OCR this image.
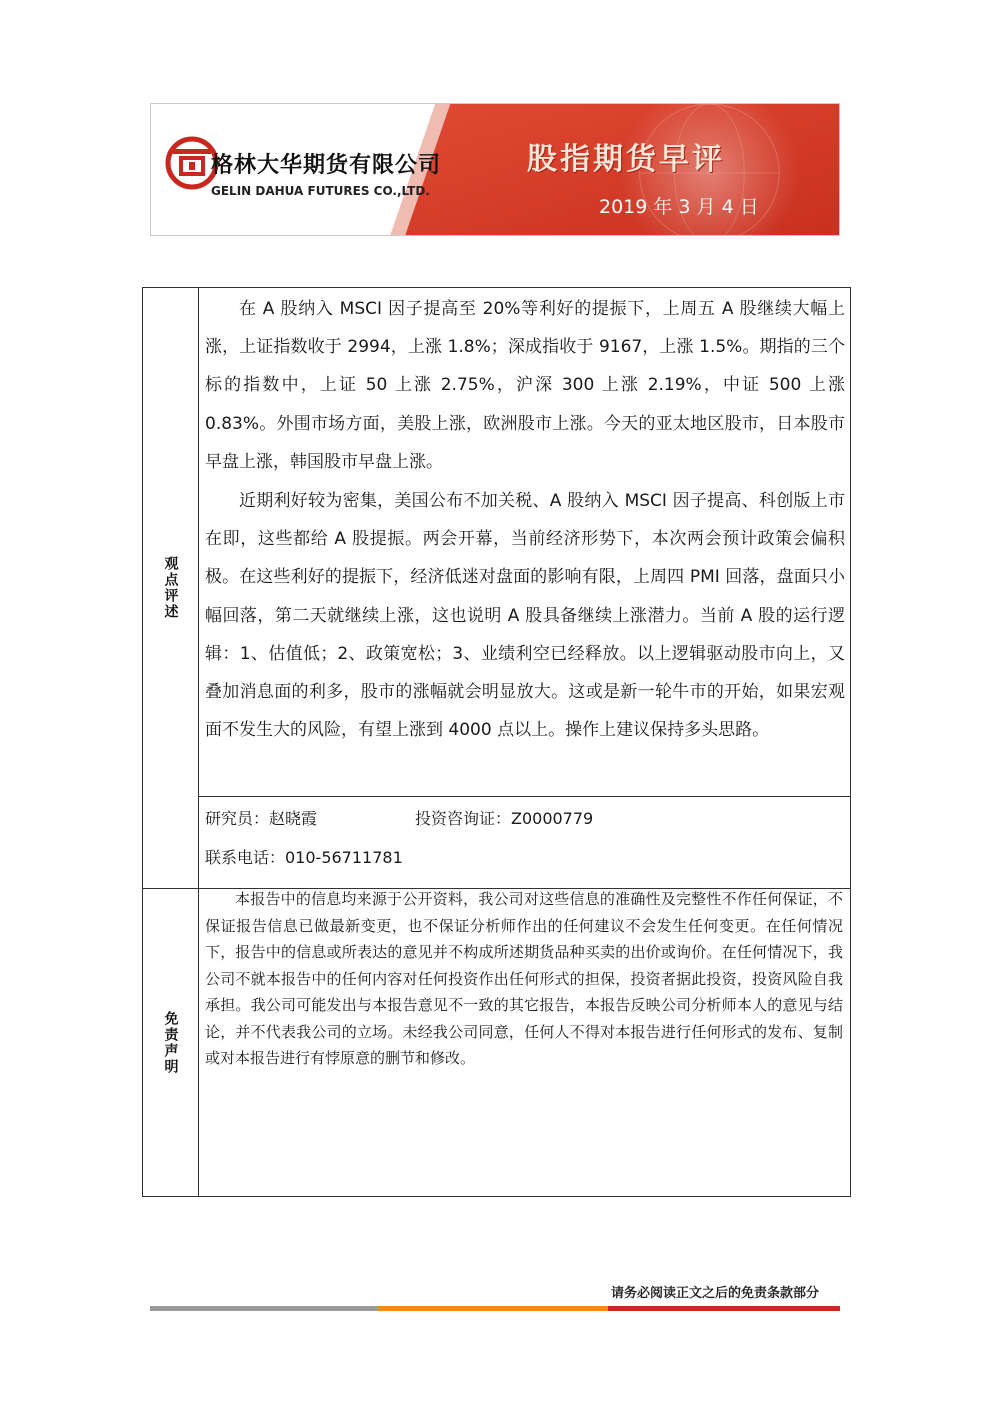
格林大华期货有限公司
GELIN DAHUA FUTURES CO.,LTD.
股指期货早评
2019 年 3 月 4 日
观点评述
免责声明

在 A 股纳入 MSCI 因子提高至 20%等利好的提振下，上周五 A 股继续大幅上涨，上证指数收于 2994，上涨 1.8%；深成指收于 9167，上涨 1.5%。期指的三个标的指数中，上证 50 上涨 2.75%，沪深 300 上涨 2.19%，中证 500 上涨 0.83%。外围市场方面，美股上涨，欧洲股市上涨。今天的亚太地区股市，日本股市早盘上涨，韩国股市早盘上涨。

近期利好较为密集，美国公布不加关税、A 股纳入 MSCI 因子提高、科创版上市在即，这些都给 A 股提振。两会开幕，当前经济形势下，本次两会预计政策会偏积极。在这些利好的提振下，经济低迷对盘面的影响有限，上周四 PMI 回落，盘面只小幅回落，第二天就继续上涨，这也说明 A 股具备继续上涨潜力。当前 A 股的运行逻辑：1、估值低；2、政策宽松；3、业绩利空已经释放。以上逻辑驱动股市向上，又叠加消息面的利多，股市的涨幅就会明显放大。这或是新一轮牛市的开始，如果宏观面不发生大的风险，有望上涨到 4000 点以上。操作上建议保持多头思路。

研究员：赵晓霞	投资咨询证：Z0000779
联系电话：010-56711781

本报告中的信息均来源于公开资料，我公司对这些信息的准确性及完整性不作任何保证，不保证报告信息已做最新变更，也不保证分析师作出的任何建议不会发生任何变更。在任何情况下，报告中的信息或所表达的意见并不构成所述期货品种买卖的出价或询价。在任何情况下，我公司不就本报告中的任何内容对任何投资作出任何形式的担保，投资者据此投资，投资风险自我承担。我公司可能发出与本报告意见不一致的其它报告，本报告反映公司分析师本人的意见与结论，并不代表我公司的立场。未经我公司同意，任何人不得对本报告进行任何形式的发布、复制或对本报告进行有悖原意的删节和修改。

请务必阅读正文之后的免责条款部分
